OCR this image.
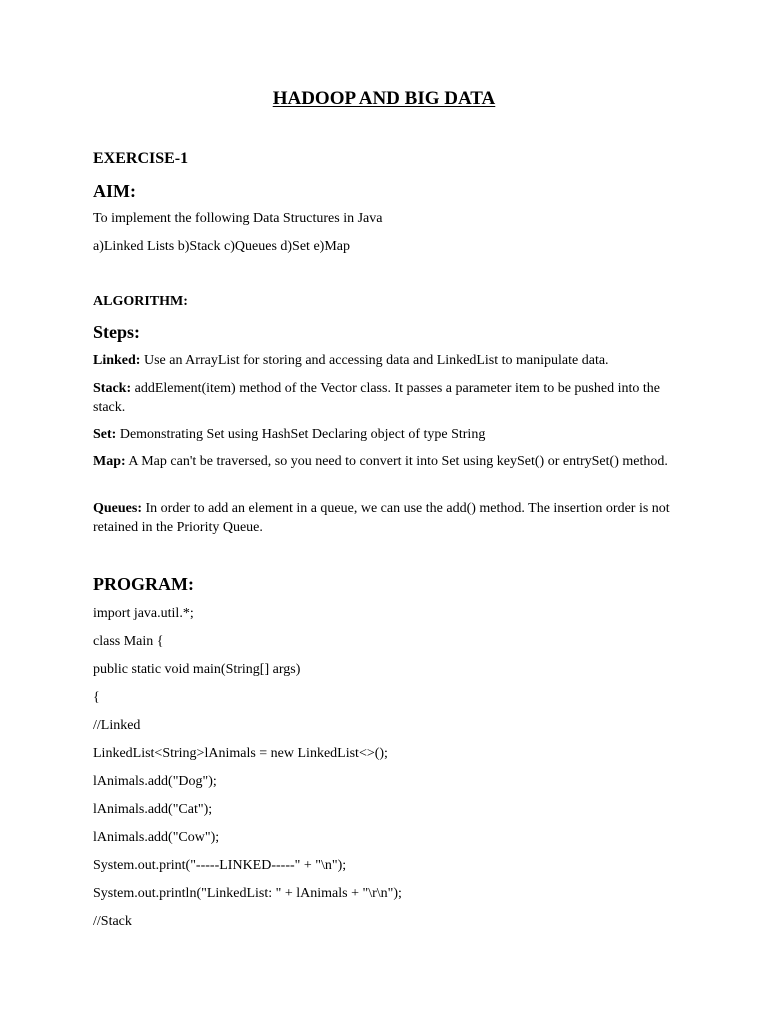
HADOOP AND BIG DATA

EXERCISE-1

AIM:

To implement the following Data Structures in Java

a)Linked Lists b)Stack c)Queues d)Set e)Map

ALGORITHM:

Steps:

Linked: Use an ArrayList for storing and accessing data and LinkedList to manipulate data.

Stack: addElement(item) method of the Vector class. It passes a parameter item to be pushed into the stack.

Set: Demonstrating Set using HashSet Declaring object of type String

Map: A Map can't be traversed, so you need to convert it into Set using keySet() or entrySet() method.

Queues: In order to add an element in a queue, we can use the add() method. The insertion order is not retained in the Priority Queue.

PROGRAM:

import java.util.*;

class Main {

public static void main(String[] args)

{

//Linked

LinkedList<String>lAnimals = new LinkedList<>();

lAnimals.add("Dog");

lAnimals.add("Cat");

lAnimals.add("Cow");

System.out.print("-----LINKED-----" + "\n");

System.out.println("LinkedList: " + lAnimals + "\r\n");

//Stack
